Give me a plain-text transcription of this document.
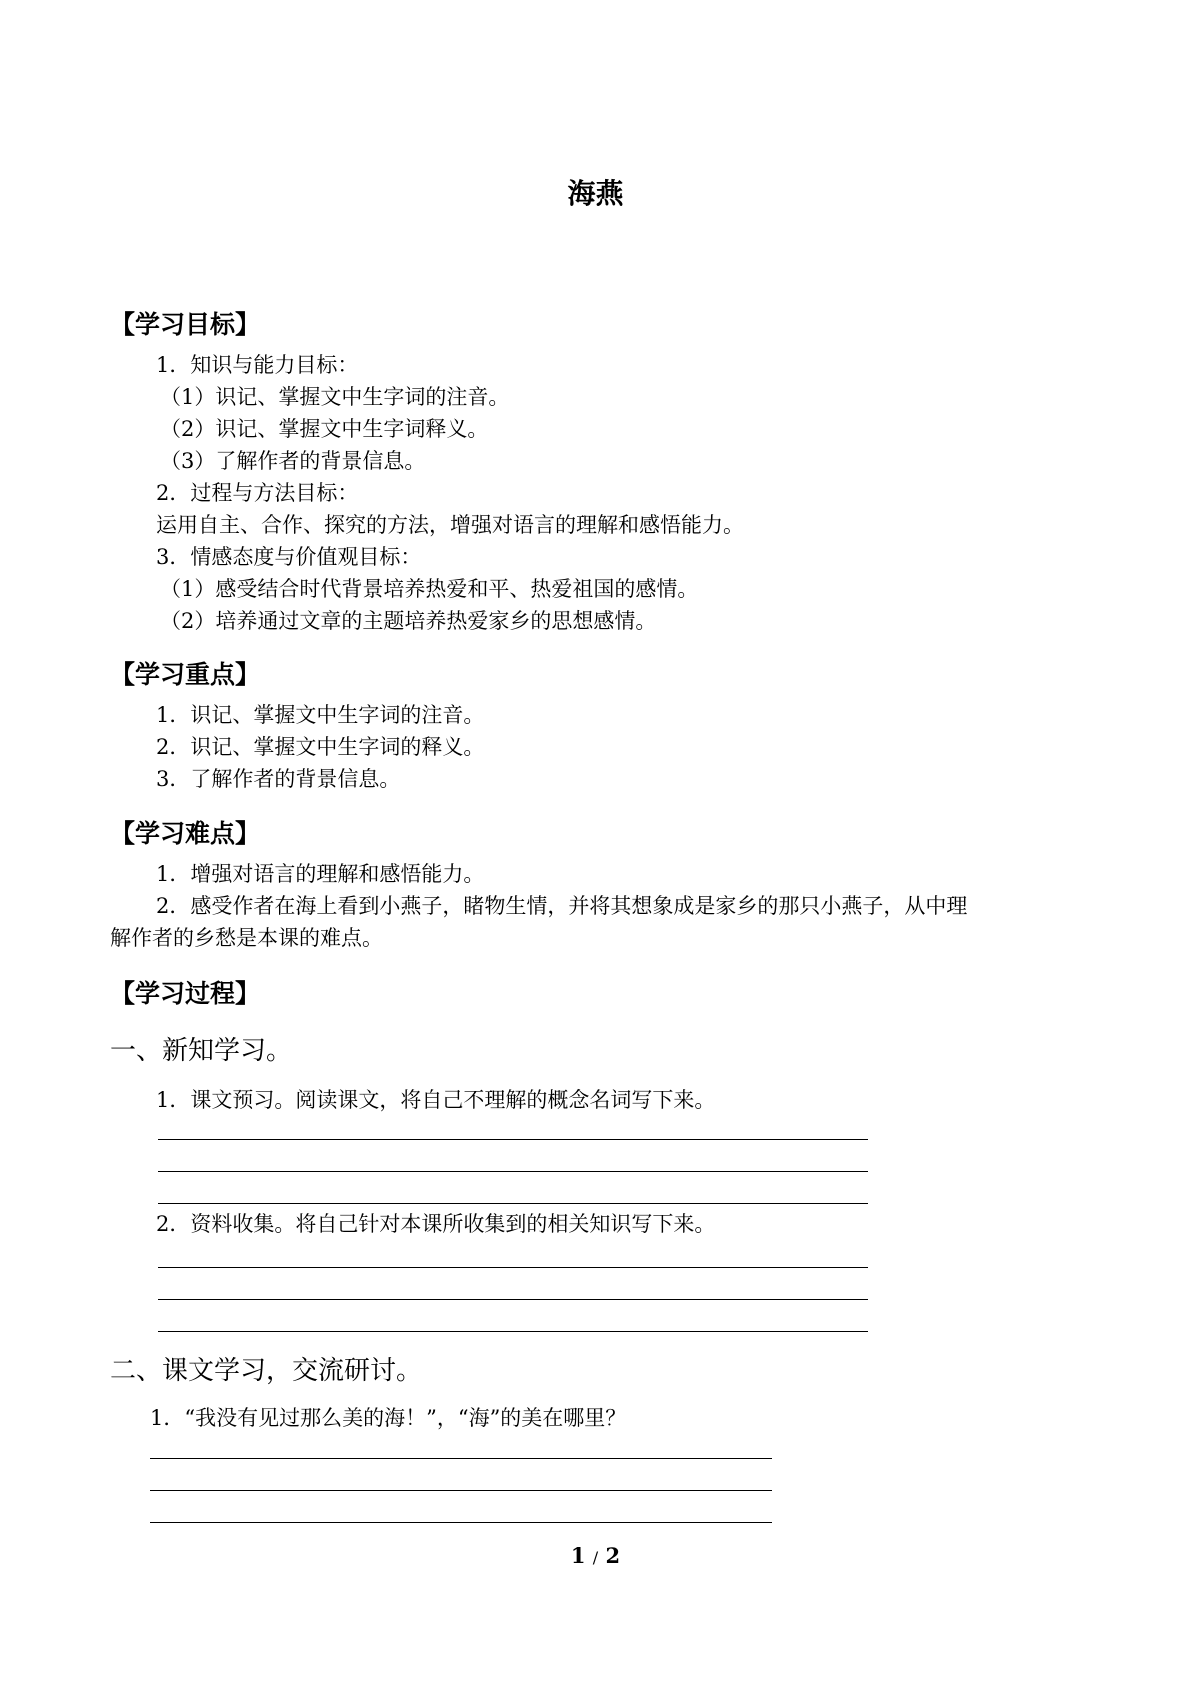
海燕
【学习目标】
1．知识与能力目标：
（1）识记、掌握文中生字词的注音。
（2）识记、掌握文中生字词释义。
（3）了解作者的背景信息。
2．过程与方法目标：
运用自主、合作、探究的方法，增强对语言的理解和感悟能力。
3．情感态度与价值观目标：
（1）感受结合时代背景培养热爱和平、热爱祖国的感情。
（2）培养通过文章的主题培养热爱家乡的思想感情。
【学习重点】
1．识记、掌握文中生字词的注音。
2．识记、掌握文中生字词的释义。
3．了解作者的背景信息。
【学习难点】
1．增强对语言的理解和感悟能力。
2．感受作者在海上看到小燕子，睹物生情，并将其想象成是家乡的那只小燕子，从中理
解作者的乡愁是本课的难点。
【学习过程】
一、新知学习。
1．课文预习。阅读课文，将自己不理解的概念名词写下来。
2．资料收集。将自己针对本课所收集到的相关知识写下来。
二、课文学习，交流研讨。
1．“我没有见过那么美的海！”，“海”的美在哪里？
1 / 2
